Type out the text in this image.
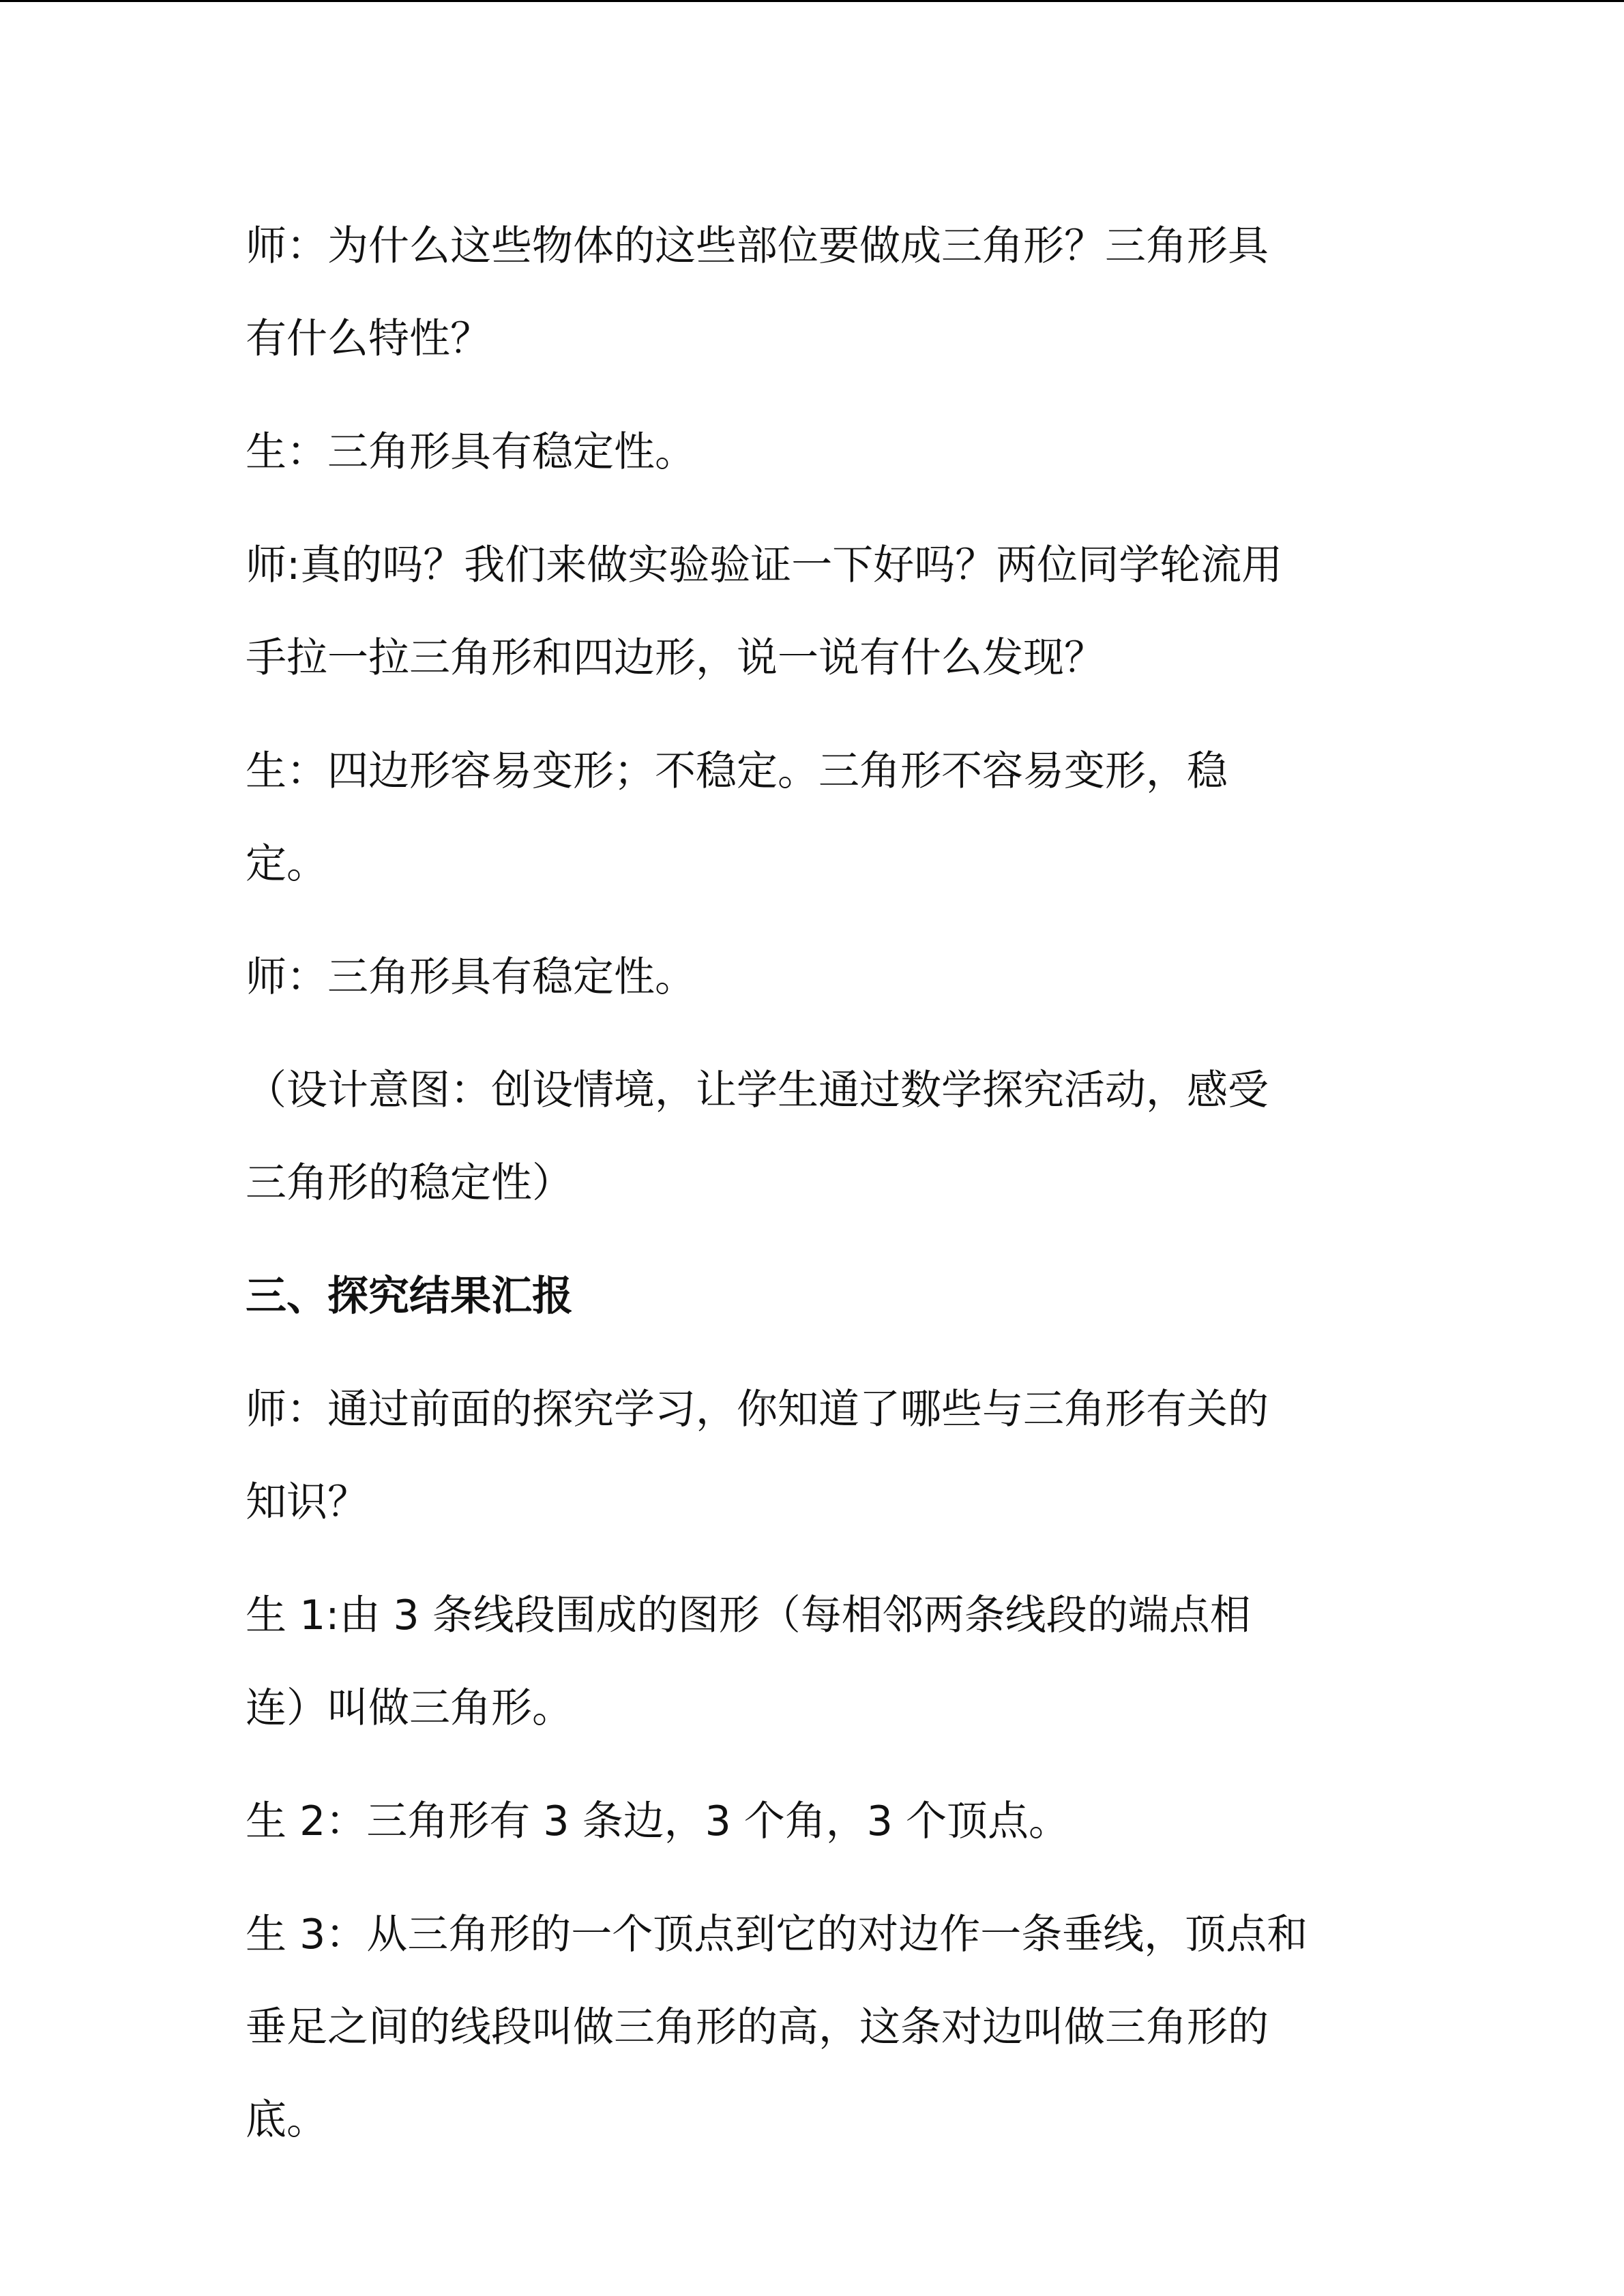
师：为什么这些物体的这些部位要做成三角形？三角形具
有什么特性？
生：三角形具有稳定性。
师:真的吗？我们来做实验验证一下好吗？两位同学轮流用
手拉一拉三角形和四边形，说一说有什么发现？
生：四边形容易变形；不稳定。三角形不容易变形，稳
定。
师：三角形具有稳定性。
（设计意图：创设情境，让学生通过数学探究活动，感受
三角形的稳定性）
三、探究结果汇报
师：通过前面的探究学习，你知道了哪些与三角形有关的
知识？
生 1:由 3 条线段围成的图形（每相邻两条线段的端点相
连）叫做三角形。
生 2：三角形有 3 条边，3 个角，3 个顶点。
生 3：从三角形的一个顶点到它的对边作一条垂线，顶点和
垂足之间的线段叫做三角形的高，这条对边叫做三角形的
底。
